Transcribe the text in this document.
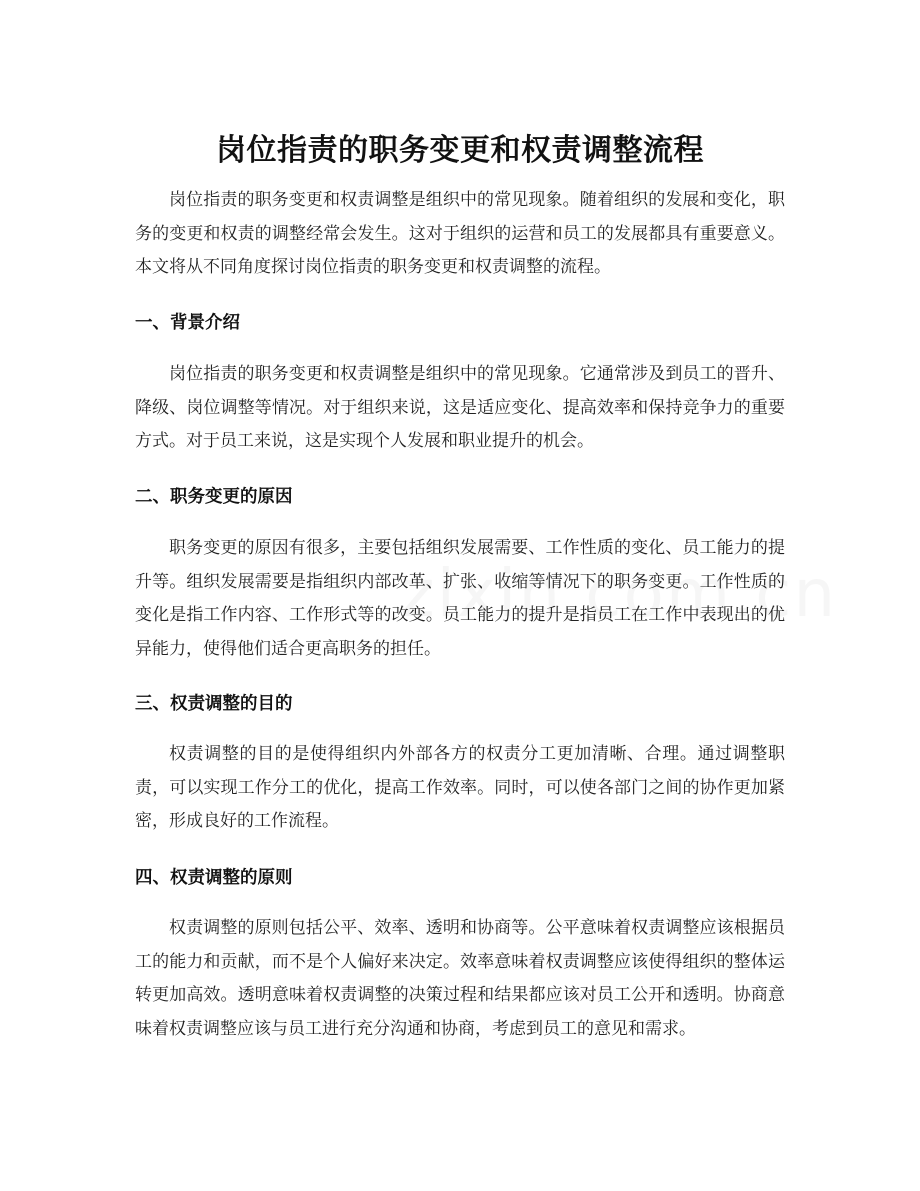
岗位指责的职务变更和权责调整流程

岗位指责的职务变更和权责调整是组织中的常见现象。随着组织的发展和变化，职务的变更和权责的调整经常会发生。这对于组织的运营和员工的发展都具有重要意义。本文将从不同角度探讨岗位指责的职务变更和权责调整的流程。

一、背景介绍

岗位指责的职务变更和权责调整是组织中的常见现象。它通常涉及到员工的晋升、降级、岗位调整等情况。对于组织来说，这是适应变化、提高效率和保持竞争力的重要方式。对于员工来说，这是实现个人发展和职业提升的机会。

二、职务变更的原因

职务变更的原因有很多，主要包括组织发展需要、工作性质的变化、员工能力的提升等。组织发展需要是指组织内部改革、扩张、收缩等情况下的职务变更。工作性质的变化是指工作内容、工作形式等的改变。员工能力的提升是指员工在工作中表现出的优异能力，使得他们适合更高职务的担任。

三、权责调整的目的

权责调整的目的是使得组织内外部各方的权责分工更加清晰、合理。通过调整职责，可以实现工作分工的优化，提高工作效率。同时，可以使各部门之间的协作更加紧密，形成良好的工作流程。

四、权责调整的原则

权责调整的原则包括公平、效率、透明和协商等。公平意味着权责调整应该根据员工的能力和贡献，而不是个人偏好来决定。效率意味着权责调整应该使得组织的整体运转更加高效。透明意味着权责调整的决策过程和结果都应该对员工公开和透明。协商意味着权责调整应该与员工进行充分沟通和协商，考虑到员工的意见和需求。
